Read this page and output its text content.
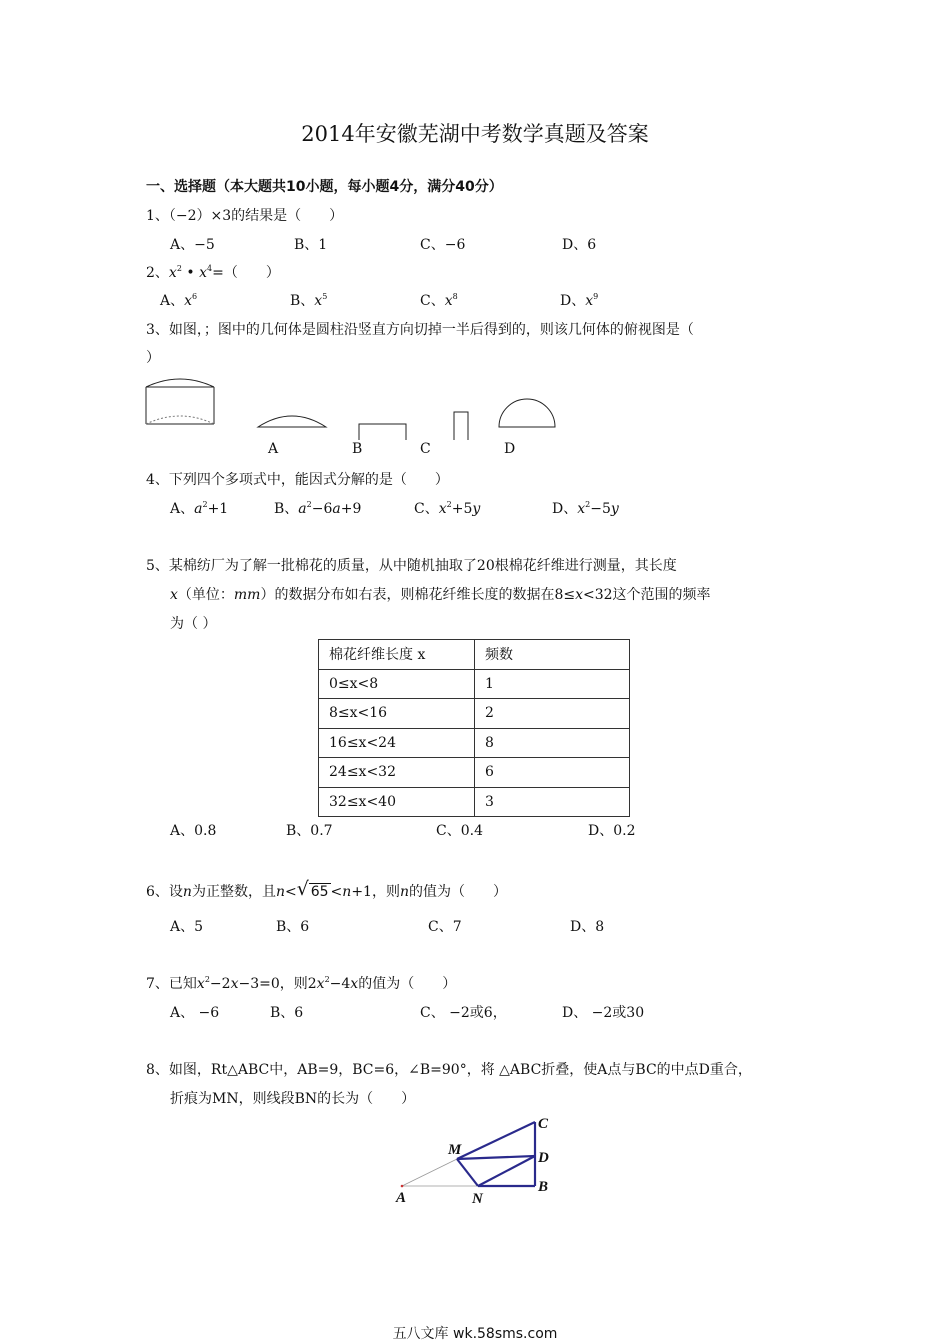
2014年安徽芜湖中考数学真题及答案
一、选择题（本大题共10小题，每小题4分，满分40分）
1、（−2）×3的结果是（　　）
A、−5	B、1	C、−6	D、6
2、$x^2$ • $x^4=$（　　）
A、$x^6$	B、$x^5$	C、$x^8$	D、$x^9$
3、如图，；图中的几何体是圆柱沿竖直方向切掉一半后得到的，则该几何体的俯视图是（
）
A	B	C	D
4、下列四个多项式中，能因式分解的是（　　）
A、$a^2+1$	B、$a^2-6a+9$	C、$x^2+5y$	D、$x^2-5y$
5、某棉纺厂为了解一批棉花的质量，从中随机抽取了20根棉花纤维进行测量，其长度
x（单位：mm）的数据分布如右表，则棉花纤维长度的数据在8≤x<32这个范围的频率
为（ ）
棉花纤维长度 x	频数
0≤x<8	1
8≤x<16	2
16≤x<24	8
24≤x<32	6
32≤x<40	3
A、0.8	B、0.7	C、0.4	D、0.2
6、设n为正整数，且n< √ 65 <n+1，则n的值为（　　）
A、5	B、6	C、7	D、8
7、已知$x^2-2x-3=0$，则$2x^2-4x$的值为（　　）
A、 −6	B、6	C、 −2或6，	D、 −2或30
8、如图，Rt△ABC中，AB=9，BC=6，∠B=90°，将 △ABC折叠，使A点与BC的中点D重合，
折痕为MN，则线段BN的长为（　　）
A
C
D
B
M
N
五八文库 wk.58sms.com
